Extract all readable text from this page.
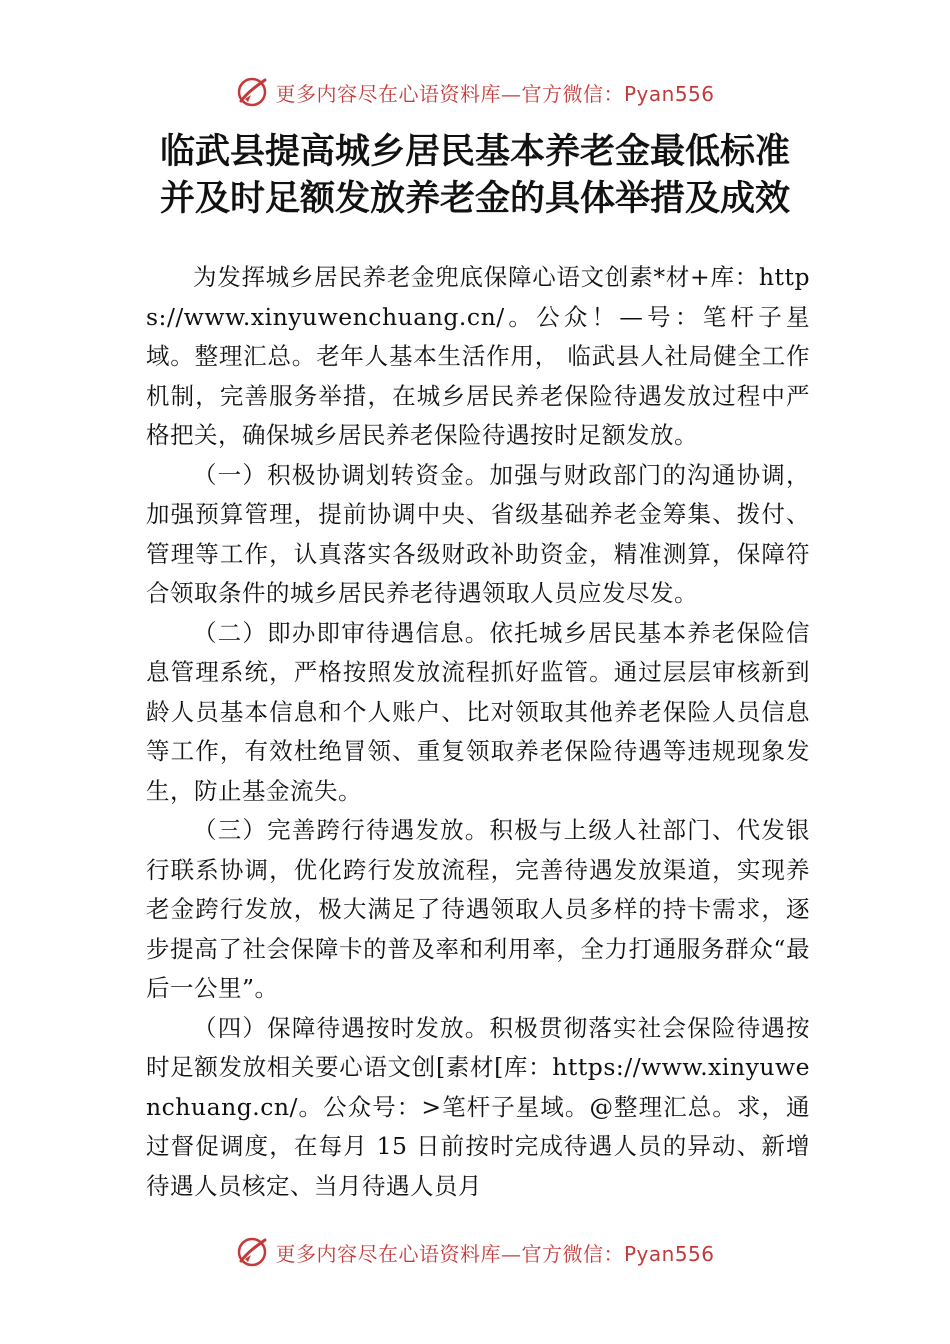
更多内容尽在心语资料库—官方微信：Pyan556
临武县提高城乡居民基本养老金最低标准
并及时足额发放养老金的具体举措及成效

为发挥城乡居民养老金兜底保障心语文创素*材+库：https://www.xinyuwenchuang.cn/。公众！—号：笔杆子星域。整理汇总。老年人基本生活作用， 临武县人社局健全工作机制，完善服务举措，在城乡居民养老保险待遇发放过程中严格把关，确保城乡居民养老保险待遇按时足额发放。

（一）积极协调划转资金。加强与财政部门的沟通协调，加强预算管理，提前协调中央、省级基础养老金筹集、拨付、管理等工作，认真落实各级财政补助资金，精准测算，保障符合领取条件的城乡居民养老待遇领取人员应发尽发。

（二）即办即审待遇信息。依托城乡居民基本养老保险信息管理系统，严格按照发放流程抓好监管。通过层层审核新到龄人员基本信息和个人账户、比对领取其他养老保险人员信息等工作，有效杜绝冒领、重复领取养老保险待遇等违规现象发生，防止基金流失。

（三）完善跨行待遇发放。积极与上级人社部门、代发银行联系协调，优化跨行发放流程，完善待遇发放渠道，实现养老金跨行发放，极大满足了待遇领取人员多样的持卡需求，逐步提高了社会保障卡的普及率和利用率，全力打通服务群众“最后一公里”。

（四）保障待遇按时发放。积极贯彻落实社会保险待遇按时足额发放相关要心语文创[素材[库：https://www.xinyuwenchuang.cn/。公众号：>笔杆子星域。@整理汇总。求，通过督促调度，在每月 15 日前按时完成待遇人员的异动、新增待遇人员核定、当月待遇人员月

更多内容尽在心语资料库—官方微信：Pyan556
